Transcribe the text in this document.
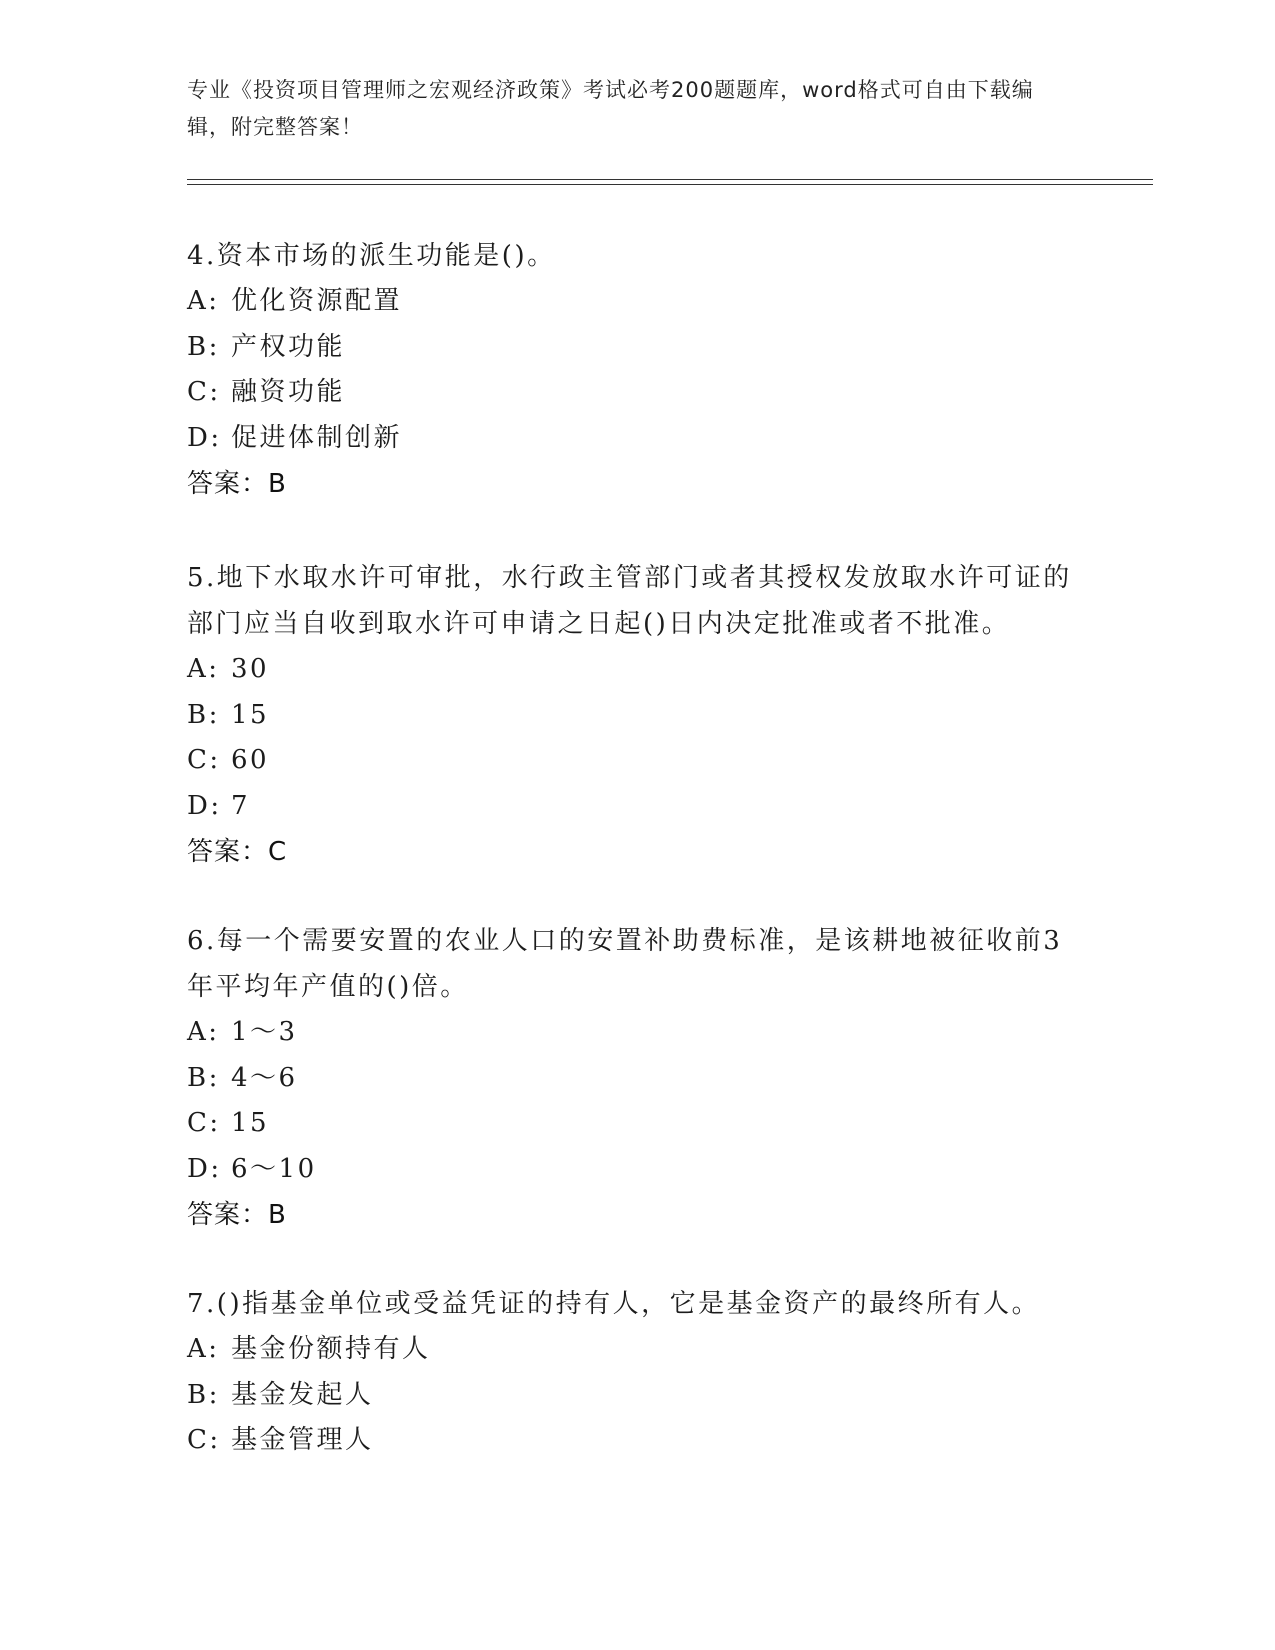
专业《投资项目管理师之宏观经济政策》考试必考200题题库，word格式可自由下载编辑，附完整答案！

4.资本市场的派生功能是()。

A: 优化资源配置
B: 产权功能
C: 融资功能
D: 促进体制创新
答案：B

5.地下水取水许可审批，水行政主管部门或者其授权发放取水许可证的部门应当自收到取水许可申请之日起()日内决定批准或者不批准。

A: 30
B: 15
C: 60
D: 7
答案：C

6.每一个需要安置的农业人口的安置补助费标准，是该耕地被征收前3年平均年产值的()倍。

A: 1～3
B: 4～6
C: 15
D: 6～10
答案：B

7.()指基金单位或受益凭证的持有人，它是基金资产的最终所有人。

A: 基金份额持有人
B: 基金发起人
C: 基金管理人
